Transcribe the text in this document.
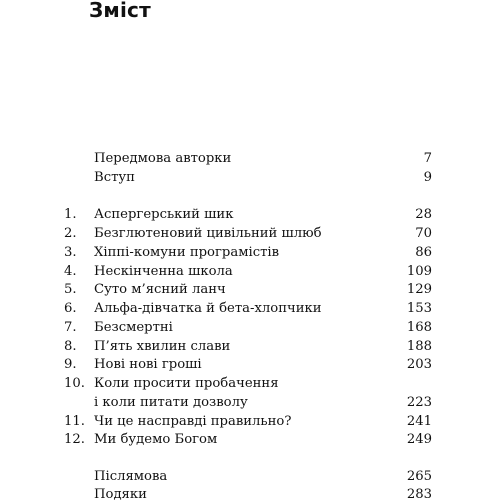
Зміст
Передмова авторки	7
Вступ	9
1.	Аспергерський шик	28
2.	Безглютеновий цивільний шлюб	70
3.	Хіппі-комуни програмістів	86
4.	Нескінченна школа	109
5.	Суто м’ясний ланч	129
6.	Альфа-дівчатка й бета-хлопчики	153
7.	Безсмертні	168
8.	П’ять хвилин слави	188
9.	Нові нові гроші	203
10. Коли просити пробачення
і коли питати дозволу	223
11. Чи це насправді правильно?	241
12. Ми будемо Богом	249
Післямова	265
Подяки	283
